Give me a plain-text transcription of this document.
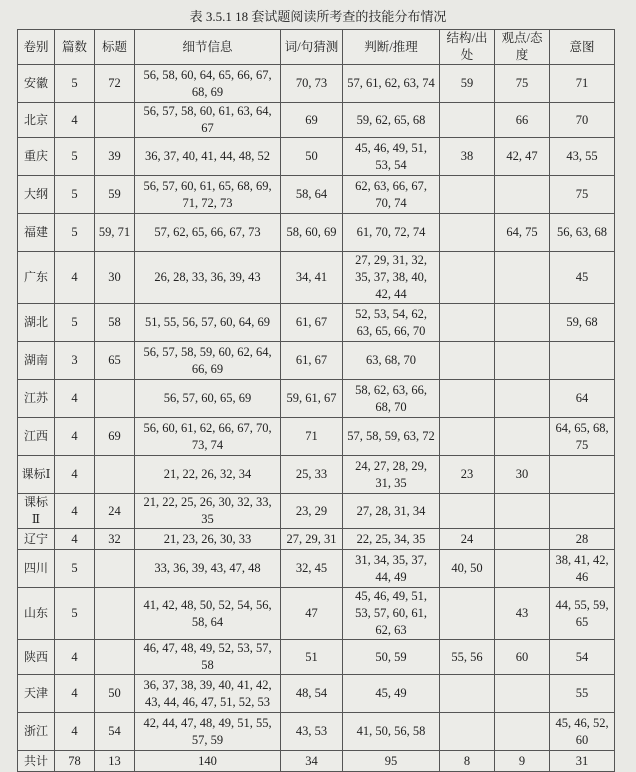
表 3.5.1 18 套试题阅读所考查的技能分布情况
卷别	篇数	标题	细节信息	词/句猜测	判断/推理	结构/出处	观点/态度	意图
安徽	5	72	56, 58, 60, 64, 65, 66, 67, 68, 69	70, 73	57, 61, 62, 63, 74	59	75	71
北京	4		56, 57, 58, 60, 61, 63, 64, 67	69	59, 62, 65, 68		66	70
重庆	5	39	36, 37, 40, 41, 44, 48, 52	50	45, 46, 49, 51, 53, 54	38	42, 47	43, 55
大纲	5	59	56, 57, 60, 61, 65, 68, 69, 71, 72, 73	58, 64	62, 63, 66, 67, 70, 74			75
福建	5	59, 71	57, 62, 65, 66, 67, 73	58, 60, 69	61, 70, 72, 74		64, 75	56, 63, 68
广东	4	30	26, 28, 33, 36, 39, 43	34, 41	27, 29, 31, 32, 35, 37, 38, 40, 42, 44			45
湖北	5	58	51, 55, 56, 57, 60, 64, 69	61, 67	52, 53, 54, 62, 63, 65, 66, 70			59, 68
湖南	3	65	56, 57, 58, 59, 60, 62, 64, 66, 69	61, 67	63, 68, 70			
江苏	4		56, 57, 60, 65, 69	59, 61, 67	58, 62, 63, 66, 68, 70			64
江西	4	69	56, 60, 61, 62, 66, 67, 70, 73, 74	71	57, 58, 59, 63, 72			64, 65, 68, 75
课标Ⅰ	4		21, 22, 26, 32, 34	25, 33	24, 27, 28, 29, 31, 35	23	30	
课标Ⅱ	4	24	21, 22, 25, 26, 30, 32, 33, 35	23, 29	27, 28, 31, 34			
辽宁	4	32	21, 23, 26, 30, 33	27, 29, 31	22, 25, 34, 35	24		28
四川	5		33, 36, 39, 43, 47, 48	32, 45	31, 34, 35, 37, 44, 49	40, 50		38, 41, 42, 46
山东	5		41, 42, 48, 50, 52, 54, 56, 58, 64	47	45, 46, 49, 51, 53, 57, 60, 61, 62, 63		43	44, 55, 59, 65
陕西	4		46, 47, 48, 49, 52, 53, 57, 58	51	50, 59	55, 56	60	54
天津	4	50	36, 37, 38, 39, 40, 41, 42, 43, 44, 46, 47, 51, 52, 53	48, 54	45, 49			55
浙江	4	54	42, 44, 47, 48, 49, 51, 55, 57, 59	43, 53	41, 50, 56, 58			45, 46, 52, 60
共计	78	13	140	34	95	8	9	31
